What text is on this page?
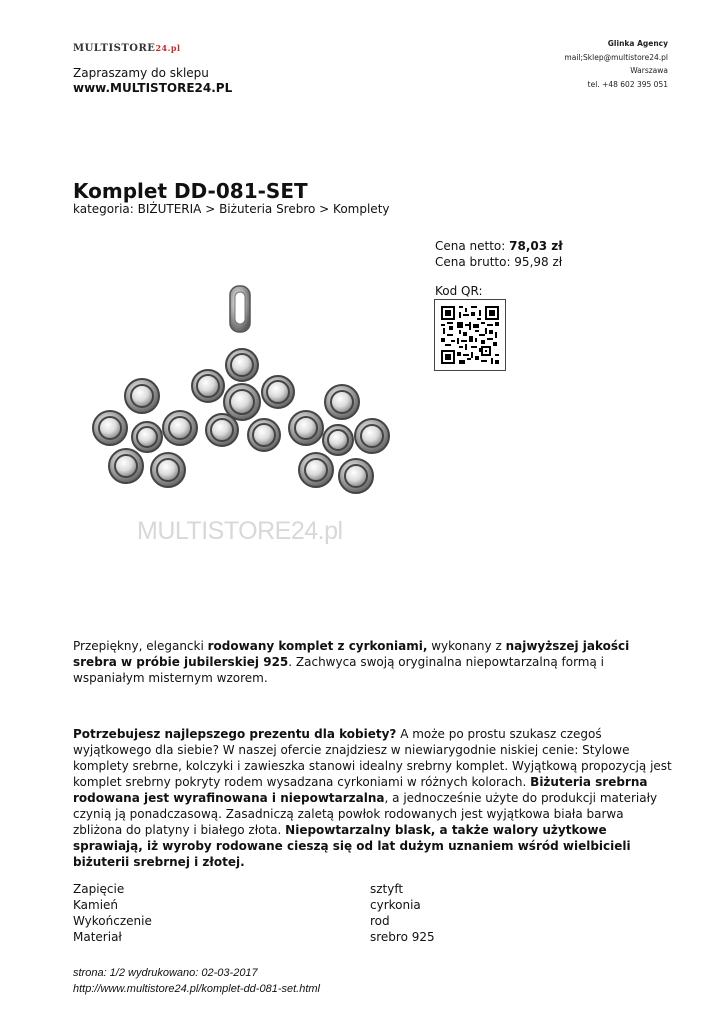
MULTISTORE24.pl
Zapraszamy do sklepu
www.MULTISTORE24.PL
Glinka Agency
mail;Sklep@multistore24.pl
Warszawa
tel. +48 602 395 051
Komplet DD-081-SET
kategoria: BIŻUTERIA > Biżuteria Srebro > Komplety
Cena netto: 78,03 zł
Cena brutto: 95,98 zł
Kod QR:
MULTISTORE24.pl

Przepiękny, elegancki rodowany komplet z cyrkoniami, wykonany z najwyższej jakości srebra w próbie jubilerskiej 925. Zachwyca swoją oryginalna niepowtarzalną formą i wspaniałym misternym wzorem.

Potrzebujesz najlepszego prezentu dla kobiety? A może po prostu szukasz czegoś wyjątkowego dla siebie? W naszej ofercie znajdziesz w niewiarygodnie niskiej cenie: Stylowe komplety srebrne, kolczyki i zawieszka stanowi idealny srebrny komplet. Wyjątkową propozycją jest komplet srebrny pokryty rodem wysadzana cyrkoniami w różnych kolorach. Biżuteria srebrna rodowana jest wyrafinowana i niepowtarzalna, a jednocześnie użyte do produkcji materiały czynią ją ponadczasową. Zasadniczą zaletą powłok rodowanych jest wyjątkowa biała barwa zbliżona do platyny i białego złota. Niepowtarzalny blask, a także walory użytkowe sprawiają, iż wyroby rodowane cieszą się od lat dużym uznaniem wśród wielbicieli biżuterii srebrnej i złotej.

Zapięcie	sztyft
Kamień	cyrkonia
Wykończenie	rod
Materiał	srebro 925
strona: 1/2 wydrukowano: 02-03-2017
http://www.multistore24.pl/komplet-dd-081-set.html
